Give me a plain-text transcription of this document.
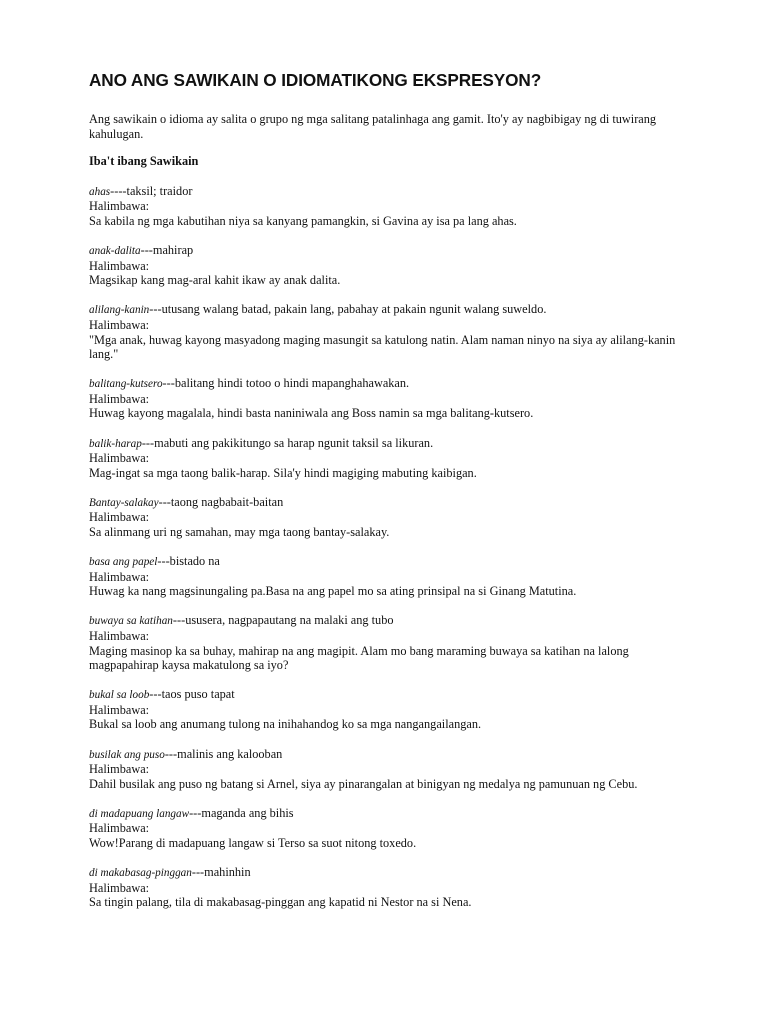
ANO ANG SAWIKAIN O IDIOMATIKONG EKSPRESYON?

Ang sawikain o idioma ay salita o grupo ng mga salitang patalinhaga ang gamit. Ito'y ay nagbibigay ng di tuwirang kahulugan.

Iba't ibang Sawikain
ahas----taksil; traidor
Halimbawa:
Sa kabila ng mga kabutihan niya sa kanyang pamangkin, si Gavina ay isa pa lang ahas.
anak-dalita---mahirap
Halimbawa:
Magsikap kang mag-aral kahit ikaw ay anak dalita.
alilang-kanin---utusang walang batad, pakain lang, pabahay at pakain ngunit walang suweldo.
Halimbawa:
"Mga anak, huwag kayong masyadong maging masungit sa katulong natin. Alam naman ninyo na siya ay alilang-kanin lang."
balitang-kutsero---balitang hindi totoo o hindi mapanghahawakan.
Halimbawa:
Huwag kayong magalala, hindi basta naniniwala ang Boss namin sa mga balitang-kutsero.
balik-harap---mabuti ang pakikitungo sa harap ngunit taksil sa likuran.
Halimbawa:
Mag-ingat sa mga taong balik-harap. Sila'y hindi magiging mabuting kaibigan.
Bantay-salakay---taong nagbabait-baitan
Halimbawa:
Sa alinmang uri ng samahan, may mga taong bantay-salakay.
basa ang papel---bistado na
Halimbawa:
Huwag ka nang magsinungaling pa.Basa na ang papel mo sa ating prinsipal na si Ginang Matutina.
buwaya sa katihan---ususera, nagpapautang na malaki ang tubo
Halimbawa:
Maging masinop ka sa buhay, mahirap na ang magipit. Alam mo bang maraming buwaya sa katihan na lalong magpapahirap kaysa makatulong sa iyo?
bukal sa loob---taos puso tapat
Halimbawa:
Bukal sa loob ang anumang tulong na inihahandog ko sa mga nangangailangan.
busilak ang puso---malinis ang kalooban
Halimbawa:
Dahil busilak ang puso ng batang si Arnel, siya ay pinarangalan at binigyan ng medalya ng pamunuan ng Cebu.
di madapuang langaw---maganda ang bihis
Halimbawa:
Wow!Parang di madapuang langaw si Terso sa suot nitong toxedo.
di makabasag-pinggan---mahinhin
Halimbawa:
Sa tingin palang, tila di makabasag-pinggan ang kapatid ni Nestor na si Nena.
